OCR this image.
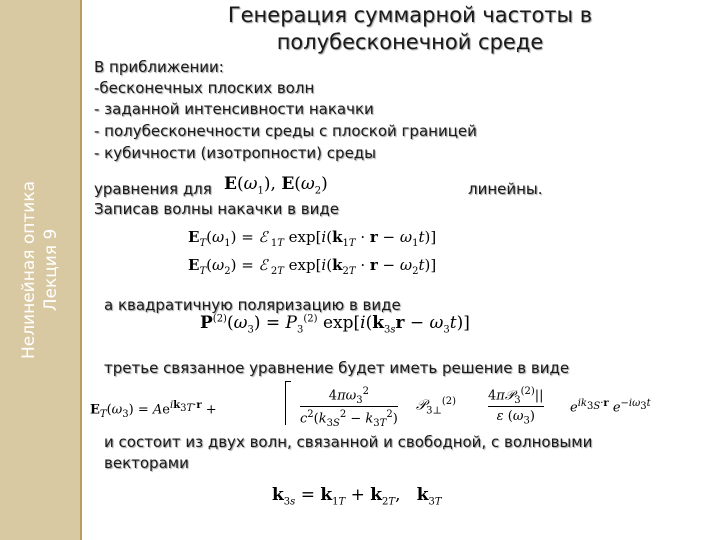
Нелинейная оптика Лекция 9
Генерация суммарной частоты в
полубесконечной среде
В приближении:
-бесконечных плоских волн
- заданной интенсивности накачки
- полубесконечности среды с плоской границей
- кубичности (изотропности) среды
уравнения для $E(\omega_1)$, $E(\omega_2)$	линейны.
Записав волны накачки в виде
$E_T(\omega_1)$ = ℰ $_{1T}$ $\exp[i(k_{1T} \cdot r - \omega_1t)]$
$E_T(\omega_2)$ = ℰ $_{2T}$ $\exp[i(k_{2T} \cdot r - \omega_2t)]$
а квадратичную поляризацию в виде
$P^{(2)}(\omega_3) = P_3^{(2)}$ $\exp[i(k_{3s}r - \omega_3t)]$
третье связанное уравнение будет иметь решение в виде
$E_T(\omega_3) = Ae^{ik_{3T}\cdot r}$ +
$4\pi\omega_3^2$
$c^2(k_{3S}^2 - k_{3T}^2)$
𝒫$_{3\perp}^{(2)}$ 4π𝒫$_3^{(2)}$||
ε $(\omega_3)$
$e^{ik_{3S}\cdot r}$ $e^{-i\omega_3t}$
и состоит из двух волн, связанной и свободной, с волновыми
векторами
$k_{3s} = k_{1T} + k_{2T}$,   $k_{3T}$
